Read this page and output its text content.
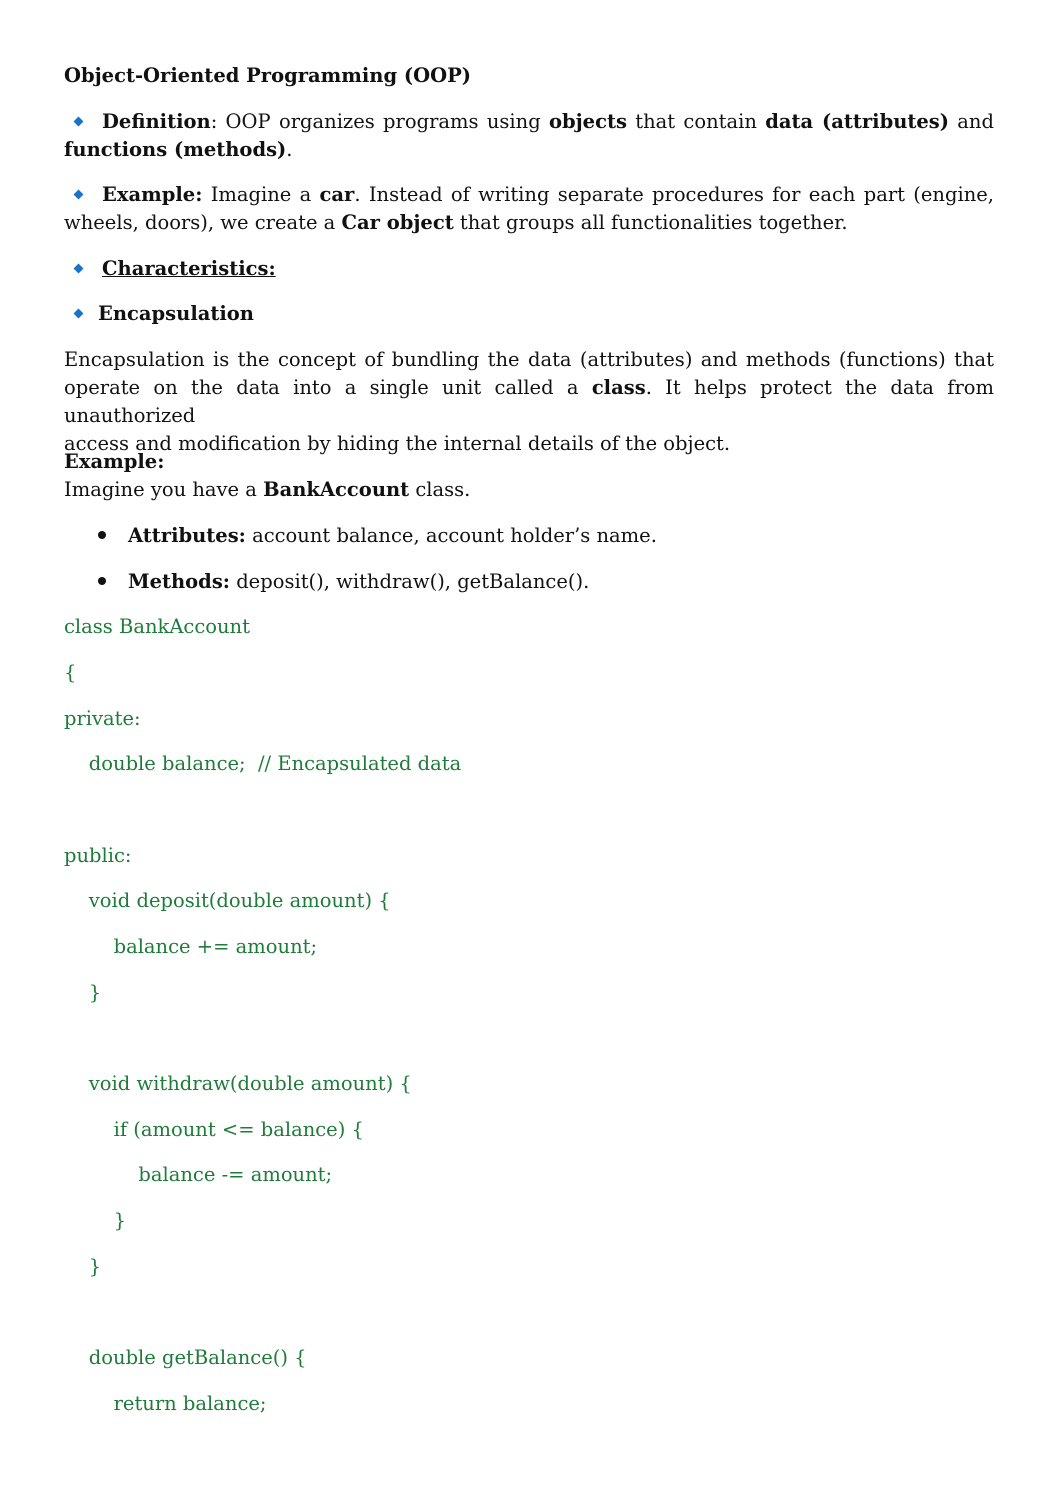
Object-Oriented Programming (OOP)
Definition: OOP organizes programs using objects that contain data (attributes) and
functions (methods).
Example: Imagine a car. Instead of writing separate procedures for each part (engine,
wheels, doors), we create a Car object that groups all functionalities together.
Characteristics:
Encapsulation
Encapsulation is the concept of bundling the data (attributes) and methods (functions) that
operate on the data into a single unit called a class. It helps protect the data from unauthorized
access and modification by hiding the internal details of the object.
Example:
Imagine you have a BankAccount class.
Attributes: account balance, account holder’s name.
Methods: deposit(), withdraw(), getBalance().
class BankAccount
{
private:
double balance;  // Encapsulated data
public:
void deposit(double amount) {
balance += amount;
}
void withdraw(double amount) {
if (amount <= balance) {
balance -= amount;
}
}
double getBalance() {
return balance;
